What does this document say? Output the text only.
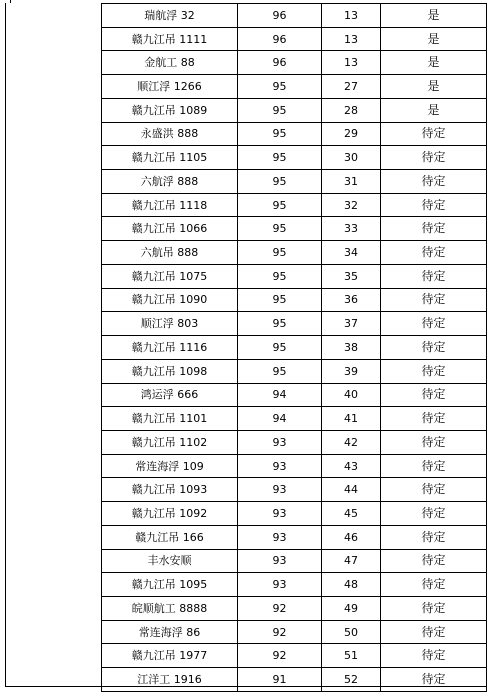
瑞航浮 32	96	13	是
赣九江吊 1111	96	13	是
金航工 88	96	13	是
顺江浮 1266	95	27	是
赣九江吊 1089	95	28	是
永盛洪 888	95	29	待定
赣九江吊 1105	95	30	待定
六航浮 888	95	31	待定
赣九江吊 1118	95	32	待定
赣九江吊 1066	95	33	待定
六航吊 888	95	34	待定
赣九江吊 1075	95	35	待定
赣九江吊 1090	95	36	待定
顺江浮 803	95	37	待定
赣九江吊 1116	95	38	待定
赣九江吊 1098	95	39	待定
鸿运浮 666	94	40	待定
赣九江吊 1101	94	41	待定
赣九江吊 1102	93	42	待定
常连海浮 109	93	43	待定
赣九江吊 1093	93	44	待定
赣九江吊 1092	93	45	待定
赣九江吊 166	93	46	待定
丰水安顺	93	47	待定
赣九江吊 1095	93	48	待定
皖顺航工 8888	92	49	待定
常连海浮 86	92	50	待定
赣九江吊 1977	92	51	待定
江洋工 1916	91	52	待定
